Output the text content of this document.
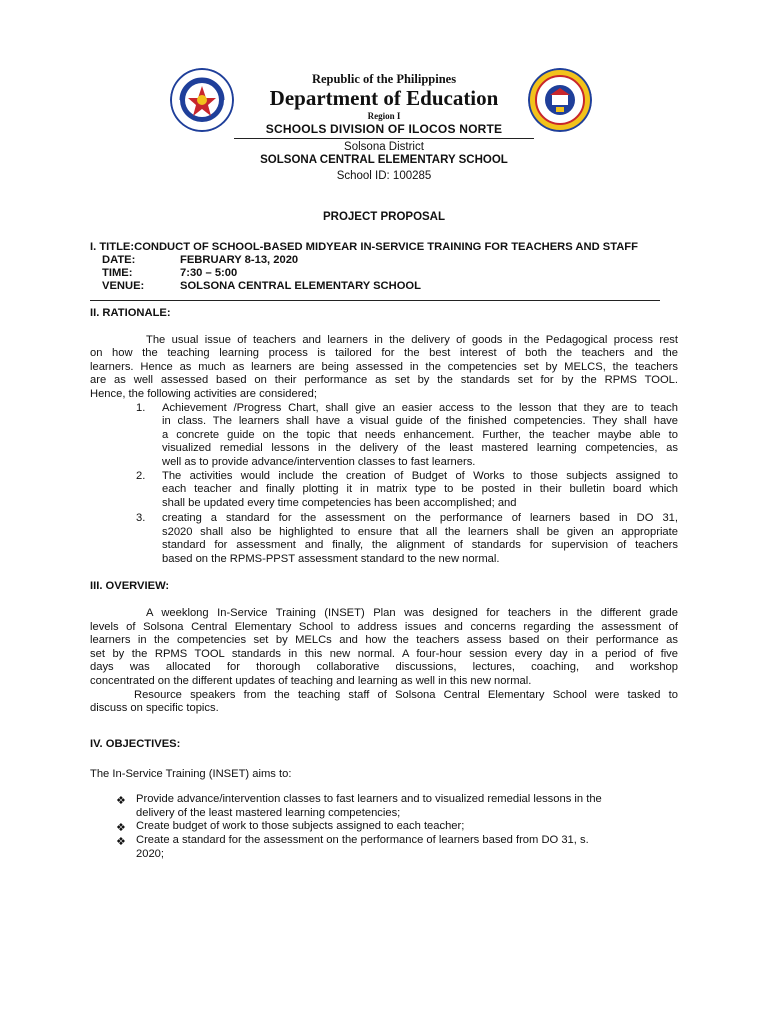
Republic of the Philippines
Department of Education
Region I
SCHOOLS DIVISION OF ILOCOS NORTE
Solsona District
SOLSONA CENTRAL ELEMENTARY SCHOOL
School ID: 100285
PROJECT PROPOSAL
I. TITLE:CONDUCT OF SCHOOL-BASED MIDYEAR IN-SERVICE TRAINING FOR TEACHERS AND STAFF
DATE:	FEBRUARY 8-13, 2020
TIME:	7:30 – 5:00
VENUE:	SOLSONA CENTRAL ELEMENTARY SCHOOL
II. RATIONALE:
The usual issue of teachers and learners in the delivery of goods in the Pedagogical process rest
on how the teaching learning process is tailored for the best interest of both the teachers and the
learners. Hence as much as learners are being assessed in the competencies set by MELCS, the teachers
are as well assessed based on their performance as set by the standards set for by the RPMS TOOL.
Hence, the following activities are considered;
1. Achievement /Progress Chart, shall give an easier access to the lesson that they are to teach
in class. The learners shall have a visual guide of the finished competencies. They shall have
a concrete guide on the topic that needs enhancement. Further, the teacher maybe able to
visualized remedial lessons in the delivery of the least mastered learning competencies, as
well as to provide advance/intervention classes to fast learners.
2. The activities would include the creation of Budget of Works to those subjects assigned to
each teacher and finally plotting it in matrix type to be posted in their bulletin board which
shall be updated every time competencies has been accomplished; and
3. creating a standard for the assessment on the performance of learners based in DO 31,
s2020 shall also be highlighted to ensure that all the learners shall be given an appropriate
standard for assessment and finally, the alignment of standards for supervision of teachers
based on the RPMS-PPST assessment standard to the new normal.
III. OVERVIEW:
A weeklong In-Service Training (INSET) Plan was designed for teachers in the different grade
levels of Solsona Central Elementary School to address issues and concerns regarding the assessment of
learners in the competencies set by MELCs and how the teachers assess based on their performance as
set by the RPMS TOOL standards in this new normal. A four-hour session every day in a period of five
days was allocated for thorough collaborative discussions, lectures, coaching, and workshop
concentrated on the different updates of teaching and learning as well in this new normal.
Resource speakers from the teaching staff of Solsona Central Elementary School were tasked to
discuss on specific topics.
IV. OBJECTIVES:
The In-Service Training (INSET) aims to:
❖ Provide advance/intervention classes to fast learners and to visualized remedial lessons in the
delivery of the least mastered learning competencies;
❖ Create budget of work to those subjects assigned to each teacher;
❖ Create a standard for the assessment on the performance of learners based from DO 31, s.
2020;
